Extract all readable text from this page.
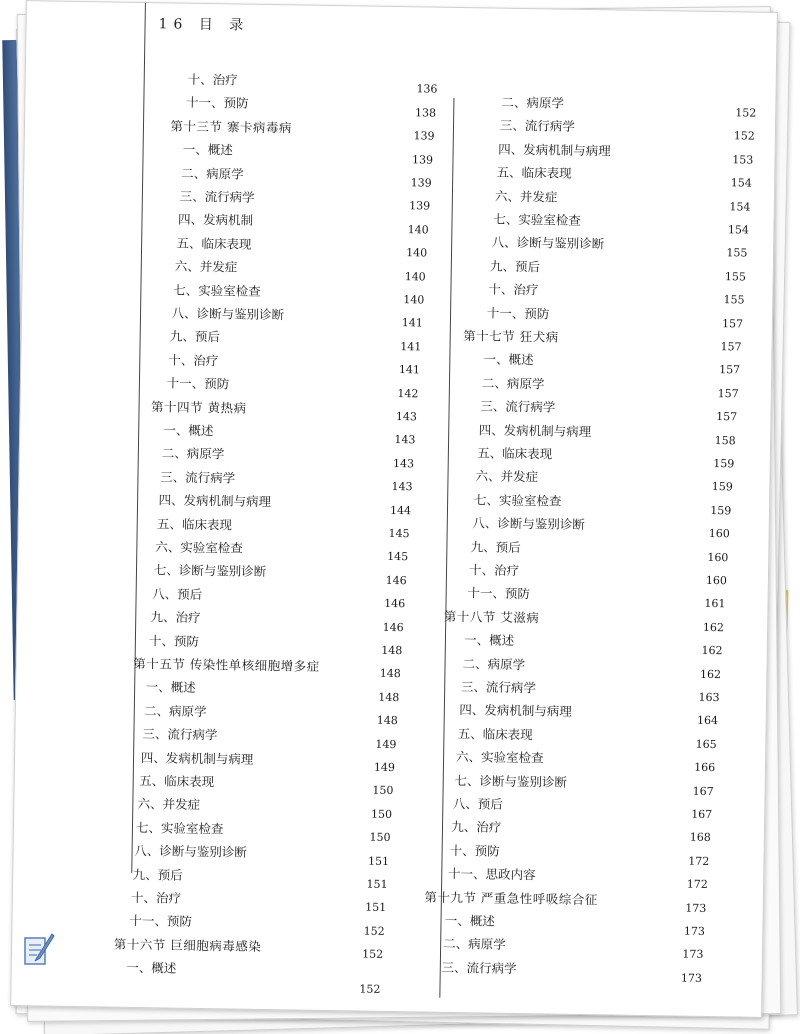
16 目 录
十、治疗
十一、预防
136
第十三节 寨卡病毒病
138
一、概述
139
二、病原学
139
三、流行病学
139
四、发病机制
139
五、临床表现
140
六、并发症
140
七、实验室检查
140
八、诊断与鉴别诊断
140
九、预后
141
十、治疗
141
十一、预防
141
第十四节 黄热病
142
一、概述
143
二、病原学
143
三、流行病学
143
四、发病机制与病理
143
五、临床表现
144
六、实验室检查
145
七、诊断与鉴别诊断
145
八、预后
146
九、治疗
146
十、预防
146
第十五节 传染性单核细胞增多症
148
一、概述
148
二、病原学
148
三、流行病学
148
四、发病机制与病理
149
五、临床表现
149
六、并发症
150
七、实验室检查
150
八、诊断与鉴别诊断
150
九、预后
151
十、治疗
151
十一、预防
151
第十六节 巨细胞病毒感染
152
一、概述
152
152
二、病原学
152
三、流行病学
152
四、发病机制与病理
153
五、临床表现
154
六、并发症
154
七、实验室检查
154
八、诊断与鉴别诊断
155
九、预后
155
十、治疗
155
十一、预防
157
第十七节 狂犬病
157
一、概述
157
二、病原学
157
三、流行病学
157
四、发病机制与病理
158
五、临床表现
159
六、并发症
159
七、实验室检查
159
八、诊断与鉴别诊断
160
九、预后
160
十、治疗
160
十一、预防
161
第十八节 艾滋病
162
一、概述
162
二、病原学
162
三、流行病学
163
四、发病机制与病理
164
五、临床表现
165
六、实验室检查
166
七、诊断与鉴别诊断
167
八、预后
167
九、治疗
168
十、预防
172
十一、思政内容
172
第十九节 严重急性呼吸综合征
173
一、概述
173
二、病原学
173
三、流行病学
173
